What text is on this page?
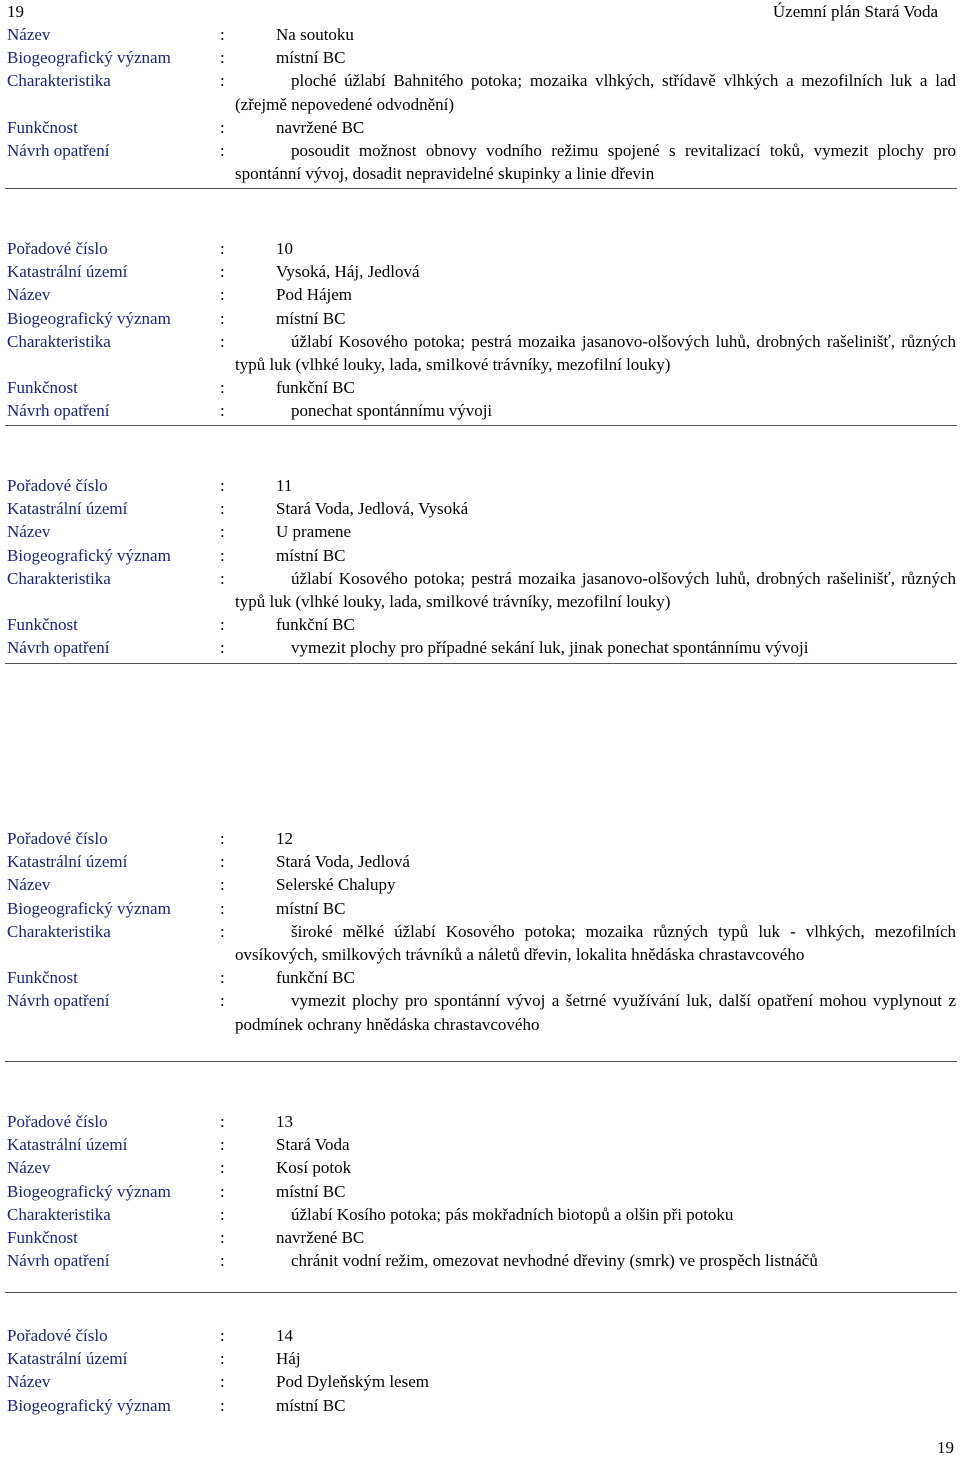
19	Územní plán Stará Voda
Název	:	Na soutoku
Biogeografický význam	:	místní BC
Charakteristika	:	ploché úžlabí Bahnitého potoka; mozaika vlhkých, střídavě vlhkých a mezofilních luk a lad (zřejmě nepovedené odvodnění)
Funkčnost	:	navržené BC
Návrh opatření	:	posoudit možnost obnovy vodního režimu spojené s revitalizací toků, vymezit plochy pro spontánní vývoj, dosadit nepravidelné skupinky a linie dřevin
Pořadové číslo	:	10
Katastrální území	:	Vysoká, Háj, Jedlová
Název	:	Pod Hájem
Biogeografický význam	:	místní BC
Charakteristika	:	úžlabí Kosového potoka; pestrá mozaika jasanovo-olšových luhů, drobných rašelinišť, různých typů luk (vlhké louky, lada, smilkové trávníky, mezofilní louky)
Funkčnost	:	funkční BC
Návrh opatření	:	ponechat spontánnímu vývoji
Pořadové číslo	:	11
Katastrální území	:	Stará Voda, Jedlová, Vysoká
Název	:	U pramene
Biogeografický význam	:	místní BC
Charakteristika	:	úžlabí Kosového potoka; pestrá mozaika jasanovo-olšových luhů, drobných rašelinišť, různých typů luk (vlhké louky, lada, smilkové trávníky, mezofilní louky)
Funkčnost	:	funkční BC
Návrh opatření	:	vymezit plochy pro případné sekání luk, jinak ponechat spontánnímu vývoji
Pořadové číslo	:	12
Katastrální území	:	Stará Voda, Jedlová
Název	:	Selerské Chalupy
Biogeografický význam	:	místní BC
Charakteristika	:	široké mělké úžlabí Kosového potoka; mozaika různých typů luk - vlhkých, mezofilních ovsíkových, smilkových trávníků a náletů dřevin, lokalita hnědáska chrastavcového
Funkčnost	:	funkční BC
Návrh opatření	:	vymezit plochy pro spontánní vývoj a šetrné využívání luk, další opatření mohou vyplynout z podmínek ochrany hnědáska chrastavcového
Pořadové číslo	:	13
Katastrální území	:	Stará Voda
Název	:	Kosí potok
Biogeografický význam	:	místní BC
Charakteristika	:	úžlabí Kosího potoka; pás mokřadních biotopů a olšin při potoku
Funkčnost	:	navržené BC
Návrh opatření	:	chránit vodní režim, omezovat nevhodné dřeviny (smrk) ve prospěch listnáčů
Pořadové číslo	:	14
Katastrální území	:	Háj
Název	:	Pod Dyleňským lesem
Biogeografický význam	:	místní BC
19
